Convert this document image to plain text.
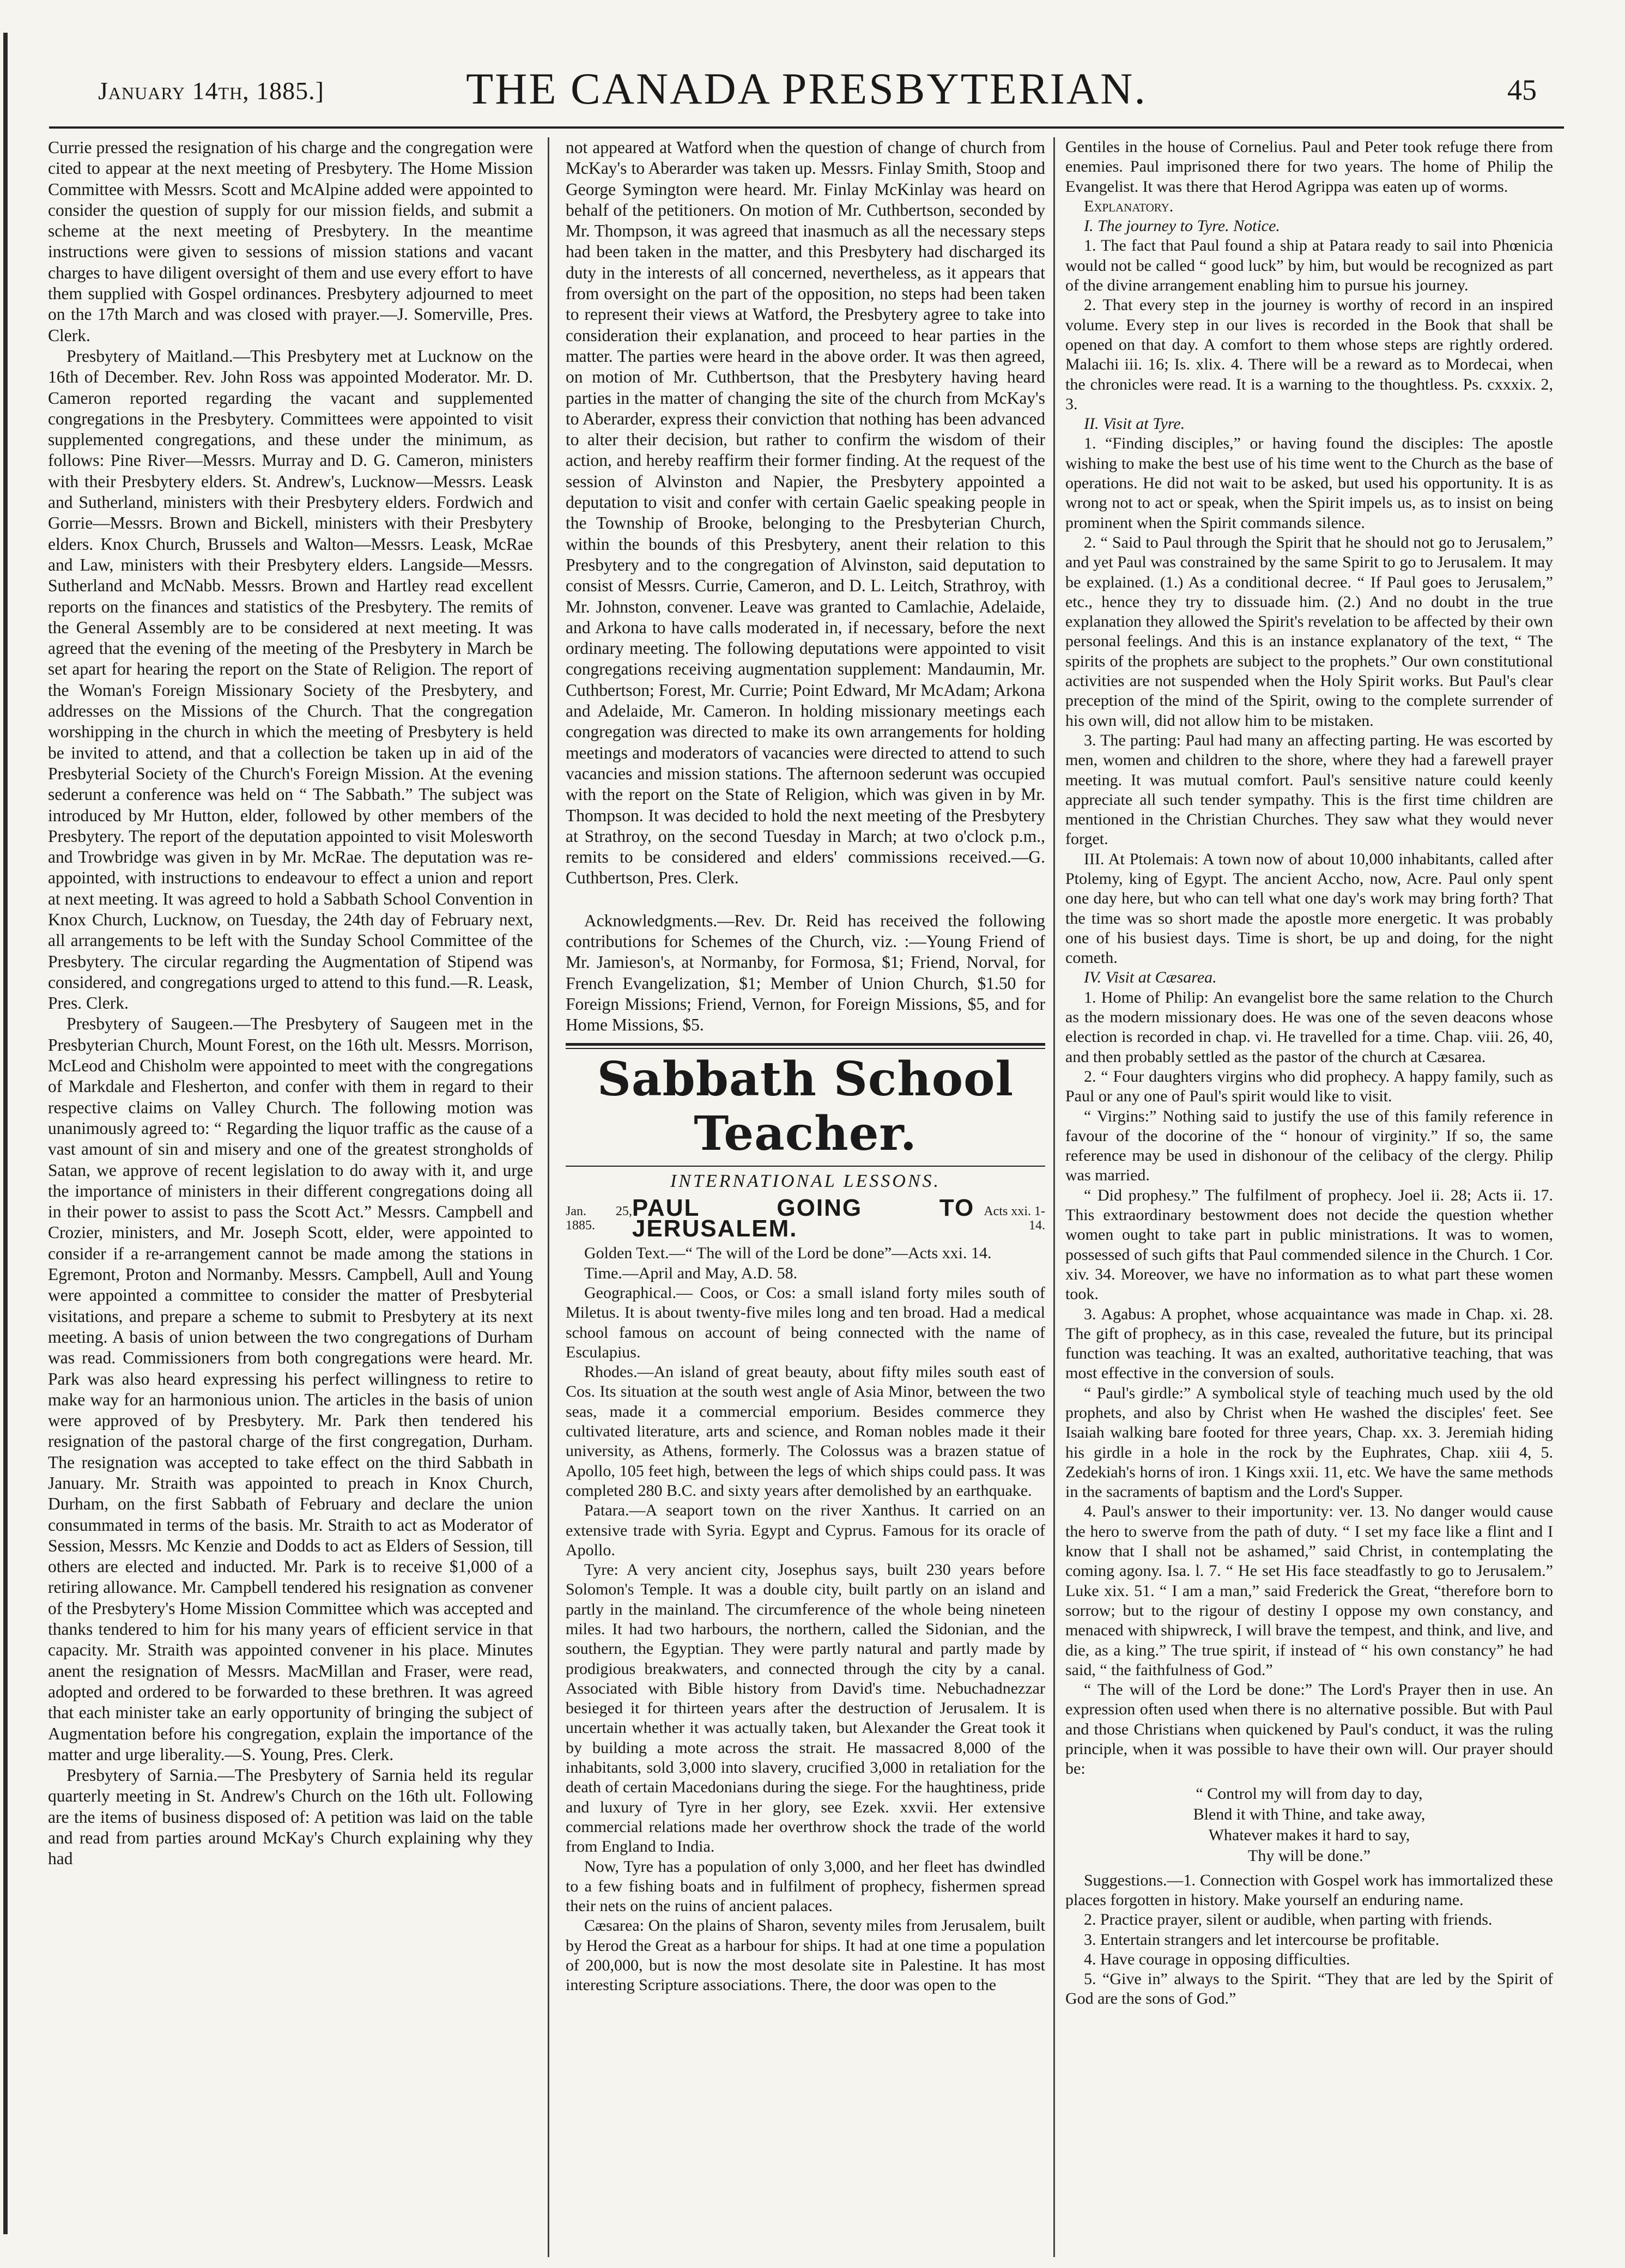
January 14th, 1885.]	THE CANADA PRESBYTERIAN.	45

Currie pressed the resignation of his charge and the congregation were cited to appear at the next meeting of Presbytery. The Home Mission Committee with Messrs. Scott and McAlpine added were appointed to consider the question of supply for our mission fields, and submit a scheme at the next meeting of Presbytery. In the meantime instructions were given to sessions of mission stations and vacant charges to have diligent oversight of them and use every effort to have them supplied with Gospel ordinances. Presbytery adjourned to meet on the 17th March and was closed with prayer.—J. Somerville, Pres. Clerk.

Presbytery of Maitland.—This Presbytery met at Lucknow on the 16th of December. Rev. John Ross was appointed Moderator. Mr. D. Cameron reported regarding the vacant and supplemented congregations in the Presbytery. Committees were appointed to visit supplemented congregations, and these under the minimum, as follows: Pine River—Messrs. Murray and D. G. Cameron, ministers with their Presbytery elders. St. Andrew's, Lucknow—Messrs. Leask and Sutherland, ministers with their Presbytery elders. Fordwich and Gorrie—Messrs. Brown and Bickell, ministers with their Presbytery elders. Knox Church, Brussels and Walton—Messrs. Leask, McRae and Law, ministers with their Presbytery elders. Langside—Messrs. Sutherland and McNabb. Messrs. Brown and Hartley read excellent reports on the finances and statistics of the Presbytery. The remits of the General Assembly are to be considered at next meeting. It was agreed that the evening of the meeting of the Presbytery in March be set apart for hearing the report on the State of Religion. The report of the Woman's Foreign Missionary Society of the Presbytery, and addresses on the Missions of the Church. That the congregation worshipping in the church in which the meeting of Presbytery is held be invited to attend, and that a collection be taken up in aid of the Presbyterial Society of the Church's Foreign Mission. At the evening sederunt a conference was held on “ The Sabbath.” The subject was introduced by Mr Hutton, elder, followed by other members of the Presbytery. The report of the deputation appointed to visit Molesworth and Trowbridge was given in by Mr. McRae. The deputation was re-appointed, with instructions to endeavour to effect a union and report at next meeting. It was agreed to hold a Sabbath School Convention in Knox Church, Lucknow, on Tuesday, the 24th day of February next, all arrangements to be left with the Sunday School Committee of the Presbytery. The circular regarding the Augmentation of Stipend was considered, and congregations urged to attend to this fund.—R. Leask, Pres. Clerk.

Presbytery of Saugeen.—The Presbytery of Saugeen met in the Presbyterian Church, Mount Forest, on the 16th ult. Messrs. Morrison, McLeod and Chisholm were appointed to meet with the congregations of Markdale and Flesherton, and confer with them in regard to their respective claims on Valley Church. The following motion was unanimously agreed to: “ Regarding the liquor traffic as the cause of a vast amount of sin and misery and one of the greatest strongholds of Satan, we approve of recent legislation to do away with it, and urge the importance of ministers in their different congregations doing all in their power to assist to pass the Scott Act.” Messrs. Campbell and Crozier, ministers, and Mr. Joseph Scott, elder, were appointed to consider if a re-arrangement cannot be made among the stations in Egremont, Proton and Normanby. Messrs. Campbell, Aull and Young were appointed a committee to consider the matter of Presbyterial visitations, and prepare a scheme to submit to Presbytery at its next meeting. A basis of union between the two congregations of Durham was read. Commissioners from both congregations were heard. Mr. Park was also heard expressing his perfect willingness to retire to make way for an harmonious union. The articles in the basis of union were approved of by Presbytery. Mr. Park then tendered his resignation of the pastoral charge of the first congregation, Durham. The resignation was accepted to take effect on the third Sabbath in January. Mr. Straith was appointed to preach in Knox Church, Durham, on the first Sabbath of February and declare the union consummated in terms of the basis. Mr. Straith to act as Moderator of Session, Messrs. Mc Kenzie and Dodds to act as Elders of Session, till others are elected and inducted. Mr. Park is to receive $1,000 of a retiring allowance. Mr. Campbell tendered his resignation as convener of the Presbytery's Home Mission Committee which was accepted and thanks tendered to him for his many years of efficient service in that capacity. Mr. Straith was appointed convener in his place. Minutes anent the resignation of Messrs. MacMillan and Fraser, were read, adopted and ordered to be forwarded to these brethren. It was agreed that each minister take an early opportunity of bringing the subject of Augmentation before his congregation, explain the importance of the matter and urge liberality.—S. Young, Pres. Clerk.

Presbytery of Sarnia.—The Presbytery of Sarnia held its regular quarterly meeting in St. Andrew's Church on the 16th ult. Following are the items of business disposed of: A petition was laid on the table and read from parties around McKay's Church explaining why they had

not appeared at Watford when the question of change of church from McKay's to Aberarder was taken up. Messrs. Finlay Smith, Stoop and George Symington were heard. Mr. Finlay McKinlay was heard on behalf of the petitioners. On motion of Mr. Cuthbertson, seconded by Mr. Thompson, it was agreed that inasmuch as all the necessary steps had been taken in the matter, and this Presbytery had discharged its duty in the interests of all concerned, nevertheless, as it appears that from oversight on the part of the opposition, no steps had been taken to represent their views at Watford, the Presbytery agree to take into consideration their explanation, and proceed to hear parties in the matter. The parties were heard in the above order. It was then agreed, on motion of Mr. Cuthbertson, that the Presbytery having heard parties in the matter of changing the site of the church from McKay's to Aberarder, express their conviction that nothing has been advanced to alter their decision, but rather to confirm the wisdom of their action, and hereby reaffirm their former finding. At the request of the session of Alvinston and Napier, the Presbytery appointed a deputation to visit and confer with certain Gaelic speaking people in the Township of Brooke, belonging to the Presbyterian Church, within the bounds of this Presbytery, anent their relation to this Presbytery and to the congregation of Alvinston, said deputation to consist of Messrs. Currie, Cameron, and D. L. Leitch, Strathroy, with Mr. Johnston, convener. Leave was granted to Camlachie, Adelaide, and Arkona to have calls moderated in, if necessary, before the next ordinary meeting. The following deputations were appointed to visit congregations receiving augmentation supplement: Mandaumin, Mr. Cuthbertson; Forest, Mr. Currie; Point Edward, Mr McAdam; Arkona and Adelaide, Mr. Cameron. In holding missionary meetings each congregation was directed to make its own arrangements for holding meetings and moderators of vacancies were directed to attend to such vacancies and mission stations. The afternoon sederunt was occupied with the report on the State of Religion, which was given in by Mr. Thompson. It was decided to hold the next meeting of the Presbytery at Strathroy, on the second Tuesday in March; at two o'clock p.m., remits to be considered and elders' commissions received.—G. Cuthbertson, Pres. Clerk.

Acknowledgments.—Rev. Dr. Reid has received the following contributions for Schemes of the Church, viz. :—Young Friend of Mr. Jamieson's, at Normanby, for Formosa, $1; Friend, Norval, for French Evangelization, $1; Member of Union Church, $1.50 for Foreign Missions; Friend, Vernon, for Foreign Missions, $5, and for Home Missions, $5.

Sabbath School Teacher.
INTERNATIONAL LESSONS.
Jan. 25, 1885.
PAUL GOING TO JERUSALEM.
Acts xxi. 1-14.

Golden Text.—“ The will of the Lord be done”—Acts xxi. 14.

Time.—April and May, A.D. 58.

Geographical.— Coos, or Cos: a small island forty miles south of Miletus. It is about twenty-five miles long and ten broad. Had a medical school famous on account of being connected with the name of Esculapius.

Rhodes.—An island of great beauty, about fifty miles south east of Cos. Its situation at the south west angle of Asia Minor, between the two seas, made it a commercial emporium. Besides commerce they cultivated literature, arts and science, and Roman nobles made it their university, as Athens, formerly. The Colossus was a brazen statue of Apollo, 105 feet high, between the legs of which ships could pass. It was completed 280 B.C. and sixty years after demolished by an earthquake.

Patara.—A seaport town on the river Xanthus. It carried on an extensive trade with Syria. Egypt and Cyprus. Famous for its oracle of Apollo.

Tyre: A very ancient city, Josephus says, built 230 years before Solomon's Temple. It was a double city, built partly on an island and partly in the mainland. The circumference of the whole being nineteen miles. It had two harbours, the northern, called the Sidonian, and the southern, the Egyptian. They were partly natural and partly made by prodigious breakwaters, and connected through the city by a canal. Associated with Bible history from David's time. Nebuchadnezzar besieged it for thirteen years after the destruction of Jerusalem. It is uncertain whether it was actually taken, but Alexander the Great took it by building a mote across the strait. He massacred 8,000 of the inhabitants, sold 3,000 into slavery, crucified 3,000 in retaliation for the death of certain Macedonians during the siege. For the haughtiness, pride and luxury of Tyre in her glory, see Ezek. xxvii. Her extensive commercial relations made her overthrow shock the trade of the world from England to India.

Now, Tyre has a population of only 3,000, and her fleet has dwindled to a few fishing boats and in fulfilment of prophecy, fishermen spread their nets on the ruins of ancient palaces.

Cæsarea: On the plains of Sharon, seventy miles from Jerusalem, built by Herod the Great as a harbour for ships. It had at one time a population of 200,000, but is now the most desolate site in Palestine. It has most interesting Scripture associations. There, the door was open to the

Gentiles in the house of Cornelius. Paul and Peter took refuge there from enemies. Paul imprisoned there for two years. The home of Philip the Evangelist. It was there that Herod Agrippa was eaten up of worms.

Explanatory.

I. The journey to Tyre. Notice.

1. The fact that Paul found a ship at Patara ready to sail into Phœnicia would not be called “ good luck” by him, but would be recognized as part of the divine arrangement enabling him to pursue his journey.

2. That every step in the journey is worthy of record in an inspired volume. Every step in our lives is recorded in the Book that shall be opened on that day. A comfort to them whose steps are rightly ordered. Malachi iii. 16; Is. xlix. 4. There will be a reward as to Mordecai, when the chronicles were read. It is a warning to the thoughtless. Ps. cxxxix. 2, 3.

II. Visit at Tyre.

1. “Finding disciples,” or having found the disciples: The apostle wishing to make the best use of his time went to the Church as the base of operations. He did not wait to be asked, but used his opportunity. It is as wrong not to act or speak, when the Spirit impels us, as to insist on being prominent when the Spirit commands silence.

2. “ Said to Paul through the Spirit that he should not go to Jerusalem,” and yet Paul was constrained by the same Spirit to go to Jerusalem. It may be explained. (1.) As a conditional decree. “ If Paul goes to Jerusalem,” etc., hence they try to dissuade him. (2.) And no doubt in the true explanation they allowed the Spirit's revelation to be affected by their own personal feelings. And this is an instance explanatory of the text, “ The spirits of the prophets are subject to the prophets.” Our own constitutional activities are not suspended when the Holy Spirit works. But Paul's clear preception of the mind of the Spirit, owing to the complete surrender of his own will, did not allow him to be mistaken.

3. The parting: Paul had many an affecting parting. He was escorted by men, women and children to the shore, where they had a farewell prayer meeting. It was mutual comfort. Paul's sensitive nature could keenly appreciate all such tender sympathy. This is the first time children are mentioned in the Christian Churches. They saw what they would never forget.

III. At Ptolemais: A town now of about 10,000 inhabitants, called after Ptolemy, king of Egypt. The ancient Accho, now, Acre. Paul only spent one day here, but who can tell what one day's work may bring forth? That the time was so short made the apostle more energetic. It was probably one of his busiest days. Time is short, be up and doing, for the night cometh.

IV. Visit at Cæsarea.

1. Home of Philip: An evangelist bore the same relation to the Church as the modern missionary does. He was one of the seven deacons whose election is recorded in chap. vi. He travelled for a time. Chap. viii. 26, 40, and then probably settled as the pastor of the church at Cæsarea.

2. “ Four daughters virgins who did prophecy. A happy family, such as Paul or any one of Paul's spirit would like to visit.

“ Virgins:” Nothing said to justify the use of this family reference in favour of the docorine of the “ honour of virginity.” If so, the same reference may be used in dishonour of the celibacy of the clergy. Philip was married.

“ Did prophesy.” The fulfilment of prophecy. Joel ii. 28; Acts ii. 17. This extraordinary bestowment does not decide the question whether women ought to take part in public ministrations. It was to women, possessed of such gifts that Paul commended silence in the Church. 1 Cor. xiv. 34. Moreover, we have no information as to what part these women took.

3. Agabus: A prophet, whose acquaintance was made in Chap. xi. 28. The gift of prophecy, as in this case, revealed the future, but its principal function was teaching. It was an exalted, authoritative teaching, that was most effective in the conversion of souls.

“ Paul's girdle:” A symbolical style of teaching much used by the old prophets, and also by Christ when He washed the disciples' feet. See Isaiah walking bare footed for three years, Chap. xx. 3. Jeremiah hiding his girdle in a hole in the rock by the Euphrates, Chap. xiii 4, 5. Zedekiah's horns of iron. 1 Kings xxii. 11, etc. We have the same methods in the sacraments of baptism and the Lord's Supper.

4. Paul's answer to their importunity: ver. 13. No danger would cause the hero to swerve from the path of duty. “ I set my face like a flint and I know that I shall not be ashamed,” said Christ, in contemplating the coming agony. Isa. l. 7. “ He set His face steadfastly to go to Jerusalem.” Luke xix. 51. “ I am a man,” said Frederick the Great, “therefore born to sorrow; but to the rigour of destiny I oppose my own constancy, and menaced with shipwreck, I will brave the tempest, and think, and live, and die, as a king.” The true spirit, if instead of “ his own constancy” he had said, “ the faithfulness of God.”

“ The will of the Lord be done:” The Lord's Prayer then in use. An expression often used when there is no alternative possible. But with Paul and those Christians when quickened by Paul's conduct, it was the ruling principle, when it was possible to have their own will. Our prayer should be:

“ Control my will from day to day,
Blend it with Thine, and take away,
Whatever makes it hard to say,
Thy will be done.”

Suggestions.—1. Connection with Gospel work has immortalized these places forgotten in history. Make yourself an enduring name.

2. Practice prayer, silent or audible, when parting with friends.

3. Entertain strangers and let intercourse be profitable.

4. Have courage in opposing difficulties.

5. “Give in” always to the Spirit. “They that are led by the Spirit of God are the sons of God.”
